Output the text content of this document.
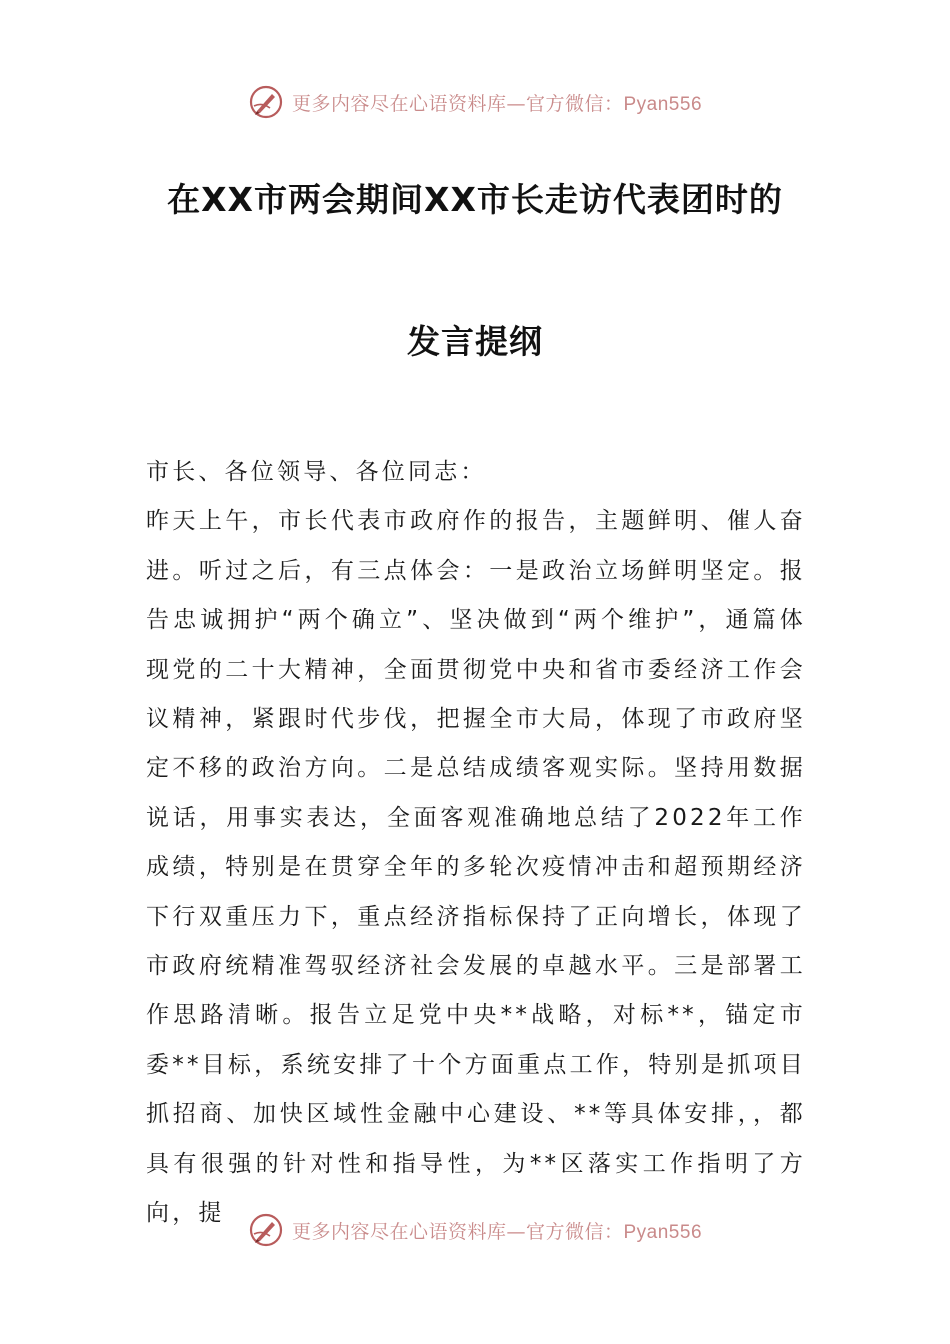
更多内容尽在心语资料库—官方微信：Pyan556
在XX市两会期间XX市长走访代表团时的
发言提纲

市长、各位领导、各位同志：

昨天上午，市长代表市政府作的报告，主题鲜明、催人奋进。听过之后，有三点体会：一是政治立场鲜明坚定。报告忠诚拥护“两个确立”、坚决做到“两个维护”，通篇体现党的二十大精神，全面贯彻党中央和省市委经济工作会议精神，紧跟时代步伐，把握全市大局，体现了市政府坚定不移的政治方向。二是总结成绩客观实际。坚持用数据说话，用事实表达，全面客观准确地总结了2022年工作成绩，特别是在贯穿全年的多轮次疫情冲击和超预期经济下行双重压力下，重点经济指标保持了正向增长，体现了市政府统精准驾驭经济社会发展的卓越水平。三是部署工作思路清晰。报告立足党中央**战略，对标**，锚定市委**目标，系统安排了十个方面重点工作，特别是抓项目抓招商、加快区域性金融中心建设、**等具体安排，，都具有很强的针对性和指导性，为**区落实工作指明了方向，提

更多内容尽在心语资料库—官方微信：Pyan556
